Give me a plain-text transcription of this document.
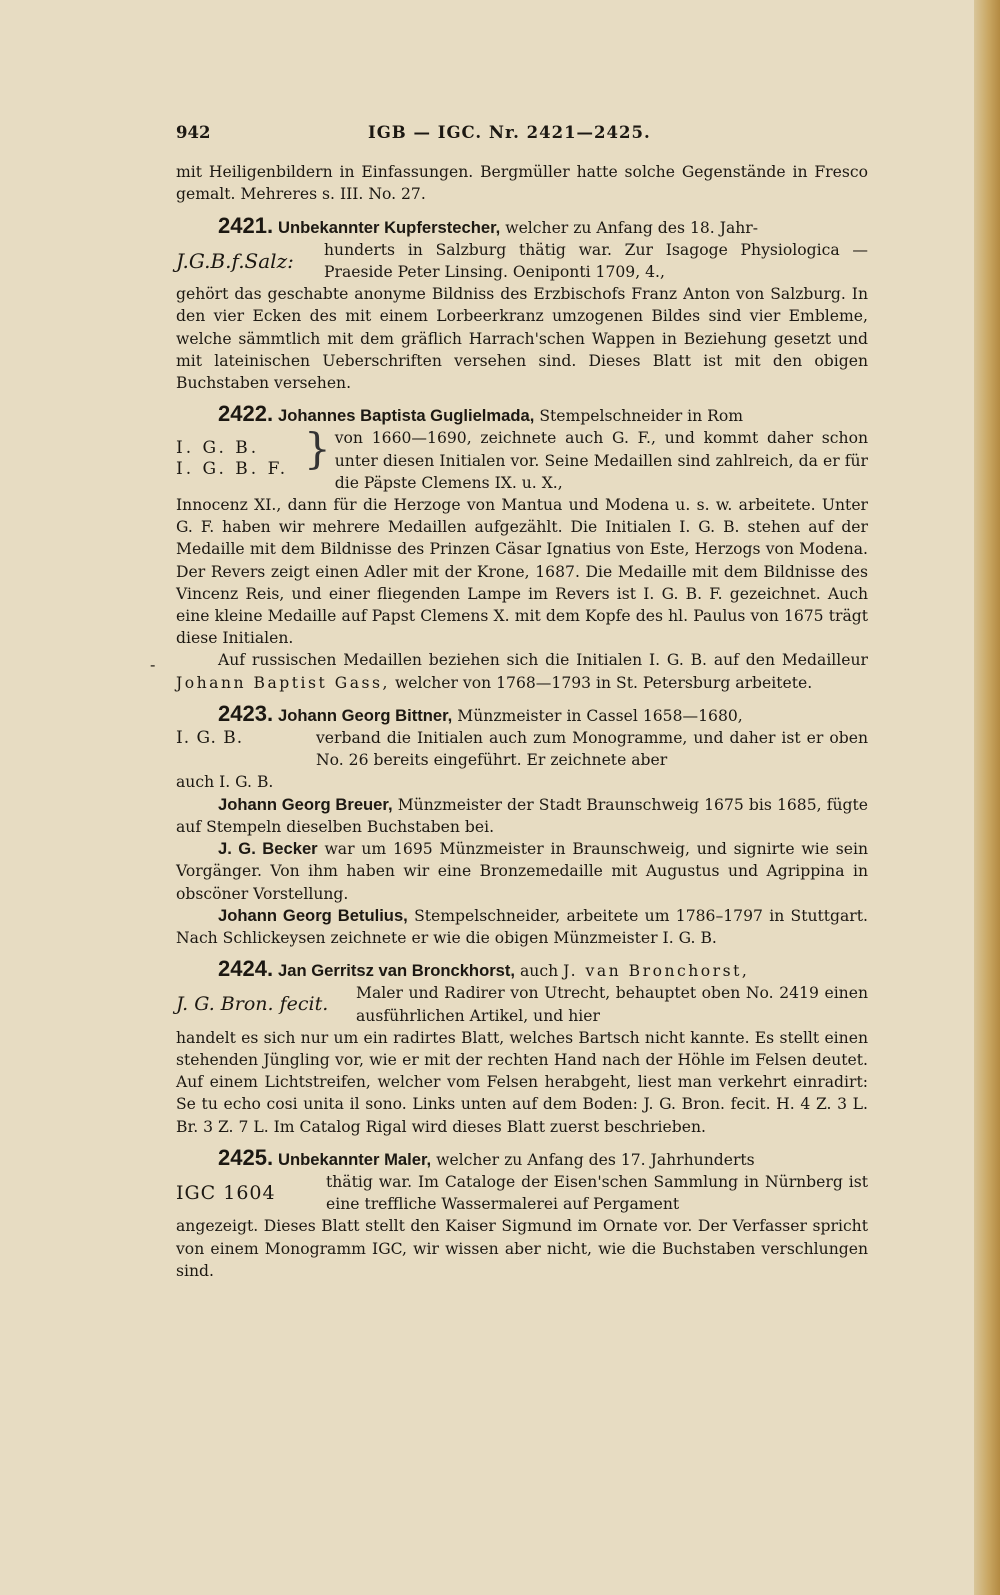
-
942	IGB — IGC. Nr. 2421—2425.

mit Heiligenbildern in Einfassungen. Bergmüller hatte solche Gegenstände in Fresco gemalt. Mehreres s. III. No. 27.

2421. Unbekannter Kupferstecher, welcher zu Anfang des 18. Jahr-

J.G.B.f.Salz:	hunderts in Salzburg thätig war. Zur Isagoge Physiologica — Praeside Peter Linsing. Oeniponti 1709, 4.,

gehört das geschabte anonyme Bildniss des Erzbischofs Franz Anton von Salzburg. In den vier Ecken des mit einem Lorbeerkranz umzogenen Bildes sind vier Embleme, welche sämmtlich mit dem gräflich Harrach'schen Wappen in Beziehung gesetzt und mit lateinischen Ueberschriften versehen sind. Dieses Blatt ist mit den obigen Buchstaben versehen.

2422. Johannes Baptista Guglielmada, Stempelschneider in Rom

I. G. B.
I. G. B. F. } von 1660—1690, zeichnete auch G. F., und kommt daher schon unter diesen Initialen vor. Seine Medaillen sind zahlreich, da er für die Päpste Clemens IX. u. X.,

Innocenz XI., dann für die Herzoge von Mantua und Modena u. s. w. arbeitete. Unter G. F. haben wir mehrere Medaillen aufgezählt. Die Initialen I. G. B. stehen auf der Medaille mit dem Bildnisse des Prinzen Cäsar Ignatius von Este, Herzogs von Modena. Der Revers zeigt einen Adler mit der Krone, 1687. Die Medaille mit dem Bildnisse des Vincenz Reis, und einer fliegenden Lampe im Revers ist I. G. B. F. gezeichnet. Auch eine kleine Medaille auf Papst Clemens X. mit dem Kopfe des hl. Paulus von 1675 trägt diese Initialen.

Auf russischen Medaillen beziehen sich die Initialen I. G. B. auf den Medailleur Johann Baptist Gass, welcher von 1768—1793 in St. Petersburg arbeitete.

2423. Johann Georg Bittner, Münzmeister in Cassel 1658—1680,

I. G. B.	verband die Initialen auch zum Monogramme, und daher ist er oben No. 26 bereits eingeführt. Er zeichnete aber

auch I. G. B.

Johann Georg Breuer, Münzmeister der Stadt Braunschweig 1675 bis 1685, fügte auf Stempeln dieselben Buchstaben bei.

J. G. Becker war um 1695 Münzmeister in Braunschweig, und signirte wie sein Vorgänger. Von ihm haben wir eine Bronzemedaille mit Augustus und Agrippina in obscöner Vorstellung.

Johann Georg Betulius, Stempelschneider, arbeitete um 1786–1797 in Stuttgart. Nach Schlickeysen zeichnete er wie die obigen Münzmeister I. G. B.

2424. Jan Gerritsz van Bronckhorst, auch J. van Bronchorst,

J. G. Bron. fecit.	Maler und Radirer von Utrecht, behauptet oben No. 2419 einen ausführlichen Artikel, und hier

handelt es sich nur um ein radirtes Blatt, welches Bartsch nicht kannte. Es stellt einen stehenden Jüngling vor, wie er mit der rechten Hand nach der Höhle im Felsen deutet. Auf einem Lichtstreifen, welcher vom Felsen herabgeht, liest man verkehrt einradirt: Se tu echo cosi unita il sono. Links unten auf dem Boden: J. G. Bron. fecit. H. 4 Z. 3 L. Br. 3 Z. 7 L. Im Catalog Rigal wird dieses Blatt zuerst beschrieben.

2425. Unbekannter Maler, welcher zu Anfang des 17. Jahrhunderts

IGC 1604	thätig war. Im Cataloge der Eisen'schen Sammlung in Nürnberg ist eine treffliche Wassermalerei auf Pergament

angezeigt. Dieses Blatt stellt den Kaiser Sigmund im Ornate vor. Der Verfasser spricht von einem Monogramm IGC, wir wissen aber nicht, wie die Buchstaben verschlungen sind.
